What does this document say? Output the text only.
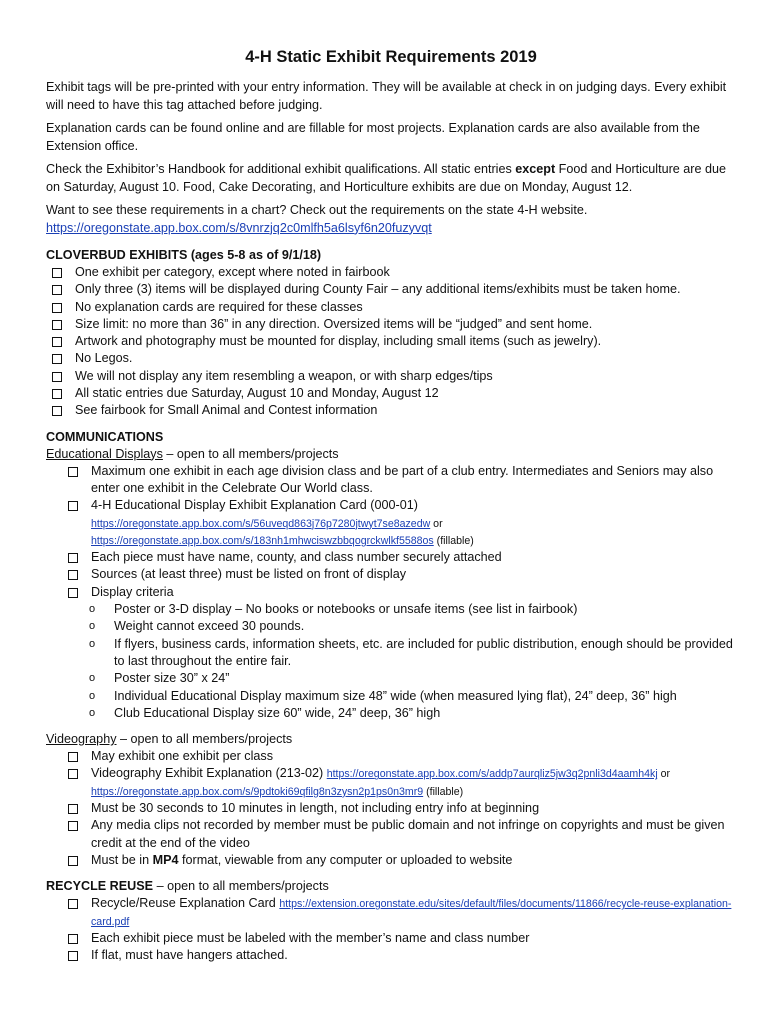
4-H Static Exhibit Requirements 2019

Exhibit tags will be pre-printed with your entry information. They will be available at check in on judging days. Every exhibit will need to have this tag attached before judging.

Explanation cards can be found online and are fillable for most projects. Explanation cards are also available from the Extension office.

Check the Exhibitor’s Handbook for additional exhibit qualifications. All static entries except Food and Horticulture are due on Saturday, August 10. Food, Cake Decorating, and Horticulture exhibits are due on Monday, August 12.

Want to see these requirements in a chart? Check out the requirements on the state 4-H website.
https://oregonstate.app.box.com/s/8vnrzjq2c0mlfh5a6lsyf6n20fuzyvqt

CLOVERBUD EXHIBITS (ages 5-8 as of 9/1/18)
One exhibit per category, except where noted in fairbook
Only three (3) items will be displayed during County Fair – any additional items/exhibits must be taken home.
No explanation cards are required for these classes
Size limit: no more than 36” in any direction. Oversized items will be “judged” and sent home.
Artwork and photography must be mounted for display, including small items (such as jewelry).
No Legos.
We will not display any item resembling a weapon, or with sharp edges/tips
All static entries due Saturday, August 10 and Monday, August 12
See fairbook for Small Animal and Contest information
COMMUNICATIONS
Educational Displays – open to all members/projects
Maximum one exhibit in each age division class and be part of a club entry. Intermediates and Seniors may also enter one exhibit in the Celebrate Our World class.
4-H Educational Display Exhibit Explanation Card (000-01)
https://oregonstate.app.box.com/s/56uveqd863j76p7280jtwyt7se8azedw or
https://oregonstate.app.box.com/s/183nh1mhwciswzbbqogrckwlkf5588os (fillable)
Each piece must have name, county, and class number securely attached
Sources (at least three) must be listed on front of display
Display criteria
o Poster or 3-D display – No books or notebooks or unsafe items (see list in fairbook)
o Weight cannot exceed 30 pounds.
o If flyers, business cards, information sheets, etc. are included for public distribution, enough should be provided to last throughout the entire fair.
o Poster size 30” x 24”
o Individual Educational Display maximum size 48” wide (when measured lying flat), 24” deep, 36” high
o Club Educational Display size 60” wide, 24” deep, 36” high
Videography – open to all members/projects
May exhibit one exhibit per class
Videography Exhibit Explanation (213-02) https://oregonstate.app.box.com/s/addp7aurqliz5jw3q2pnli3d4aamh4kj or
https://oregonstate.app.box.com/s/9pdtoki69qfilg8n3zysn2p1ps0n3mr9 (fillable)
Must be 30 seconds to 10 minutes in length, not including entry info at beginning
Any media clips not recorded by member must be public domain and not infringe on copyrights and must be given credit at the end of the video
Must be in MP4 format, viewable from any computer or uploaded to website
RECYCLE REUSE – open to all members/projects
Recycle/Reuse Explanation Card https://extension.oregonstate.edu/sites/default/files/documents/11866/recycle-reuse-explanation-card.pdf
Each exhibit piece must be labeled with the member’s name and class number
If flat, must have hangers attached.
